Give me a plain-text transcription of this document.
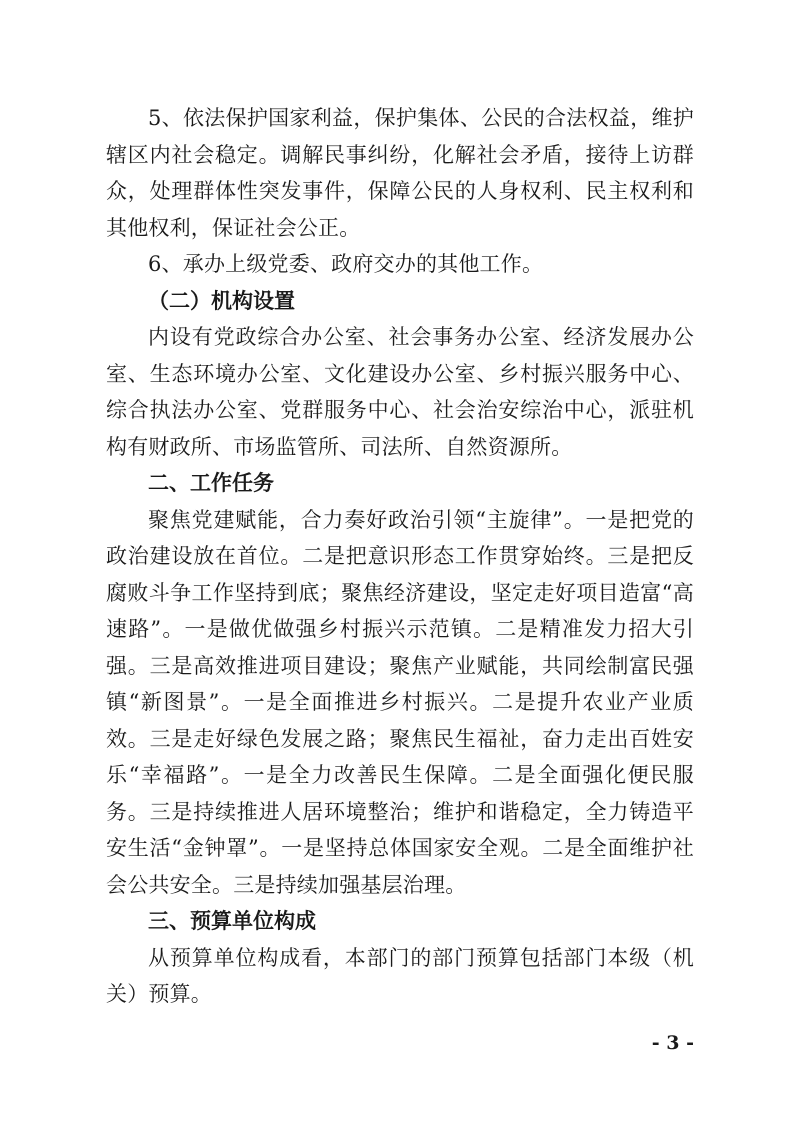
5、依法保护国家利益，保护集体、公民的合法权益，维护辖区内社会稳定。调解民事纠纷，化解社会矛盾，接待上访群众，处理群体性突发事件，保障公民的人身权利、民主权利和其他权利，保证社会公正。

6、承办上级党委、政府交办的其他工作。

（二）机构设置

内设有党政综合办公室、社会事务办公室、经济发展办公室、生态环境办公室、文化建设办公室、乡村振兴服务中心、综合执法办公室、党群服务中心、社会治安综治中心，派驻机构有财政所、市场监管所、司法所、自然资源所。

二、工作任务

聚焦党建赋能，合力奏好政治引领“主旋律”。一是把党的政治建设放在首位。二是把意识形态工作贯穿始终。三是把反腐败斗争工作坚持到底；聚焦经济建设，坚定走好项目造富“高速路”。一是做优做强乡村振兴示范镇。二是精准发力招大引强。三是高效推进项目建设；聚焦产业赋能，共同绘制富民强镇“新图景”。一是全面推进乡村振兴。二是提升农业产业质效。三是走好绿色发展之路；聚焦民生福祉，奋力走出百姓安乐“幸福路”。一是全力改善民生保障。二是全面强化便民服务。三是持续推进人居环境整治；维护和谐稳定，全力铸造平安生活“金钟罩”。一是坚持总体国家安全观。二是全面维护社会公共安全。三是持续加强基层治理。

三、预算单位构成

从预算单位构成看，本部门的部门预算包括部门本级（机关）预算。

- 3 -
